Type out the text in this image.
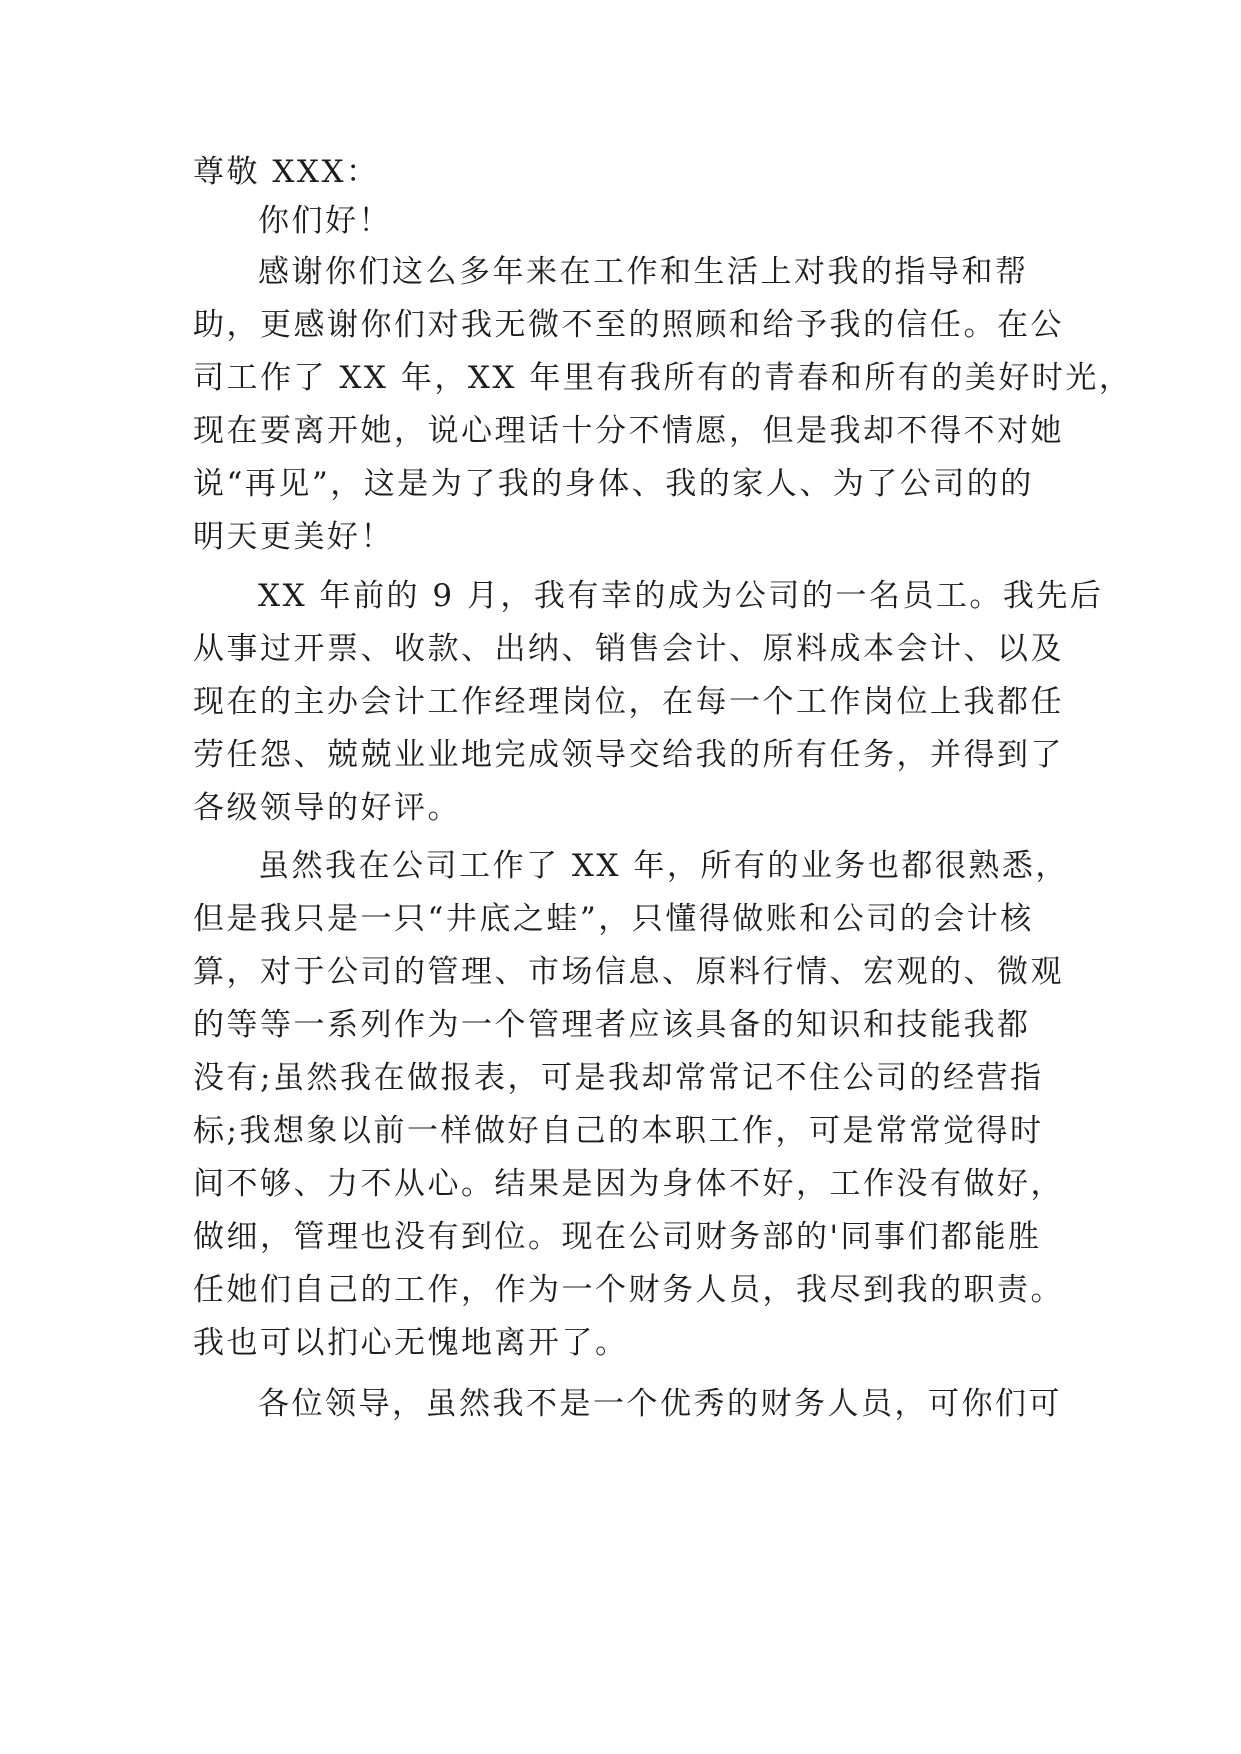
尊敬 XXX：

你们好！

感谢你们这么多年来在工作和生活上对我的指导和帮

助，更感谢你们对我无微不至的照顾和给予我的信任。在公

司工作了 XX 年，XX 年里有我所有的青春和所有的美好时光，

现在要离开她，说心理话十分不情愿，但是我却不得不对她

说“再见”，这是为了我的身体、我的家人、为了公司的的

明天更美好！

XX 年前的 9 月，我有幸的成为公司的一名员工。我先后

从事过开票、收款、出纳、销售会计、原料成本会计、以及

现在的主办会计工作经理岗位，在每一个工作岗位上我都任

劳任怨、兢兢业业地完成领导交给我的所有任务，并得到了

各级领导的好评。

虽然我在公司工作了 XX 年，所有的业务也都很熟悉，

但是我只是一只“井底之蛙”，只懂得做账和公司的会计核

算，对于公司的管理、市场信息、原料行情、宏观的、微观

的等等一系列作为一个管理者应该具备的知识和技能我都

没有;虽然我在做报表，可是我却常常记不住公司的经营指

标;我想象以前一样做好自己的本职工作，可是常常觉得时

间不够、力不从心。结果是因为身体不好，工作没有做好，

做细，管理也没有到位。现在公司财务部的'同事们都能胜

任她们自己的工作，作为一个财务人员，我尽到我的职责。

我也可以扪心无愧地离开了。

各位领导，虽然我不是一个优秀的财务人员，可你们可
